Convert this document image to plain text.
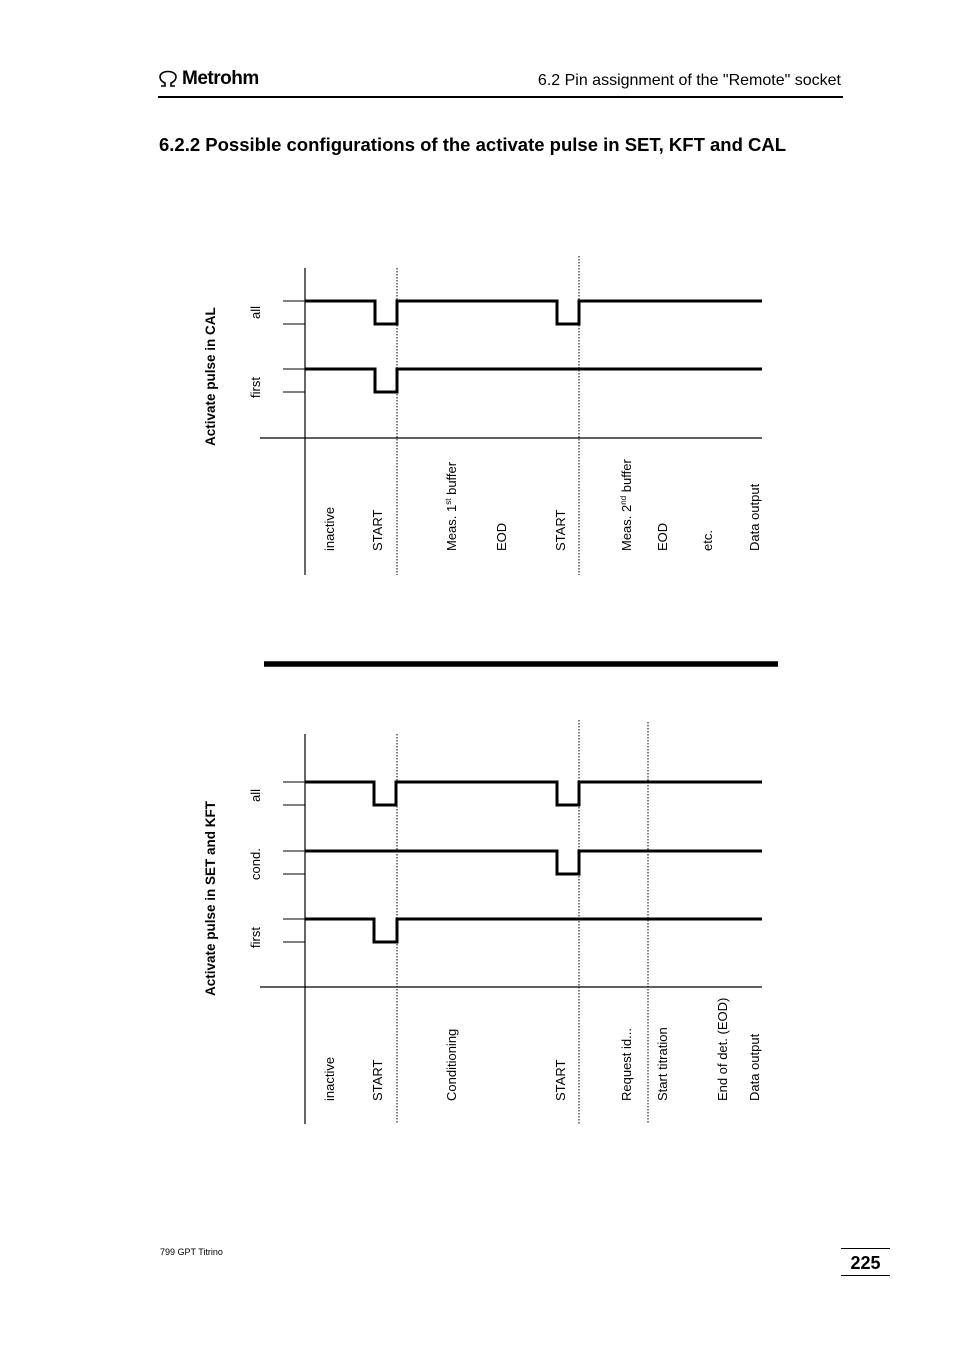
Metrohm	6.2 Pin assignment of the "Remote" socket
6.2.2 Possible configurations of the activate pulse in SET, KFT and CAL
Activate pulse in CAL all
first
inactive	START	Meas. 1st buffer
EOD	START	Meas. 2nd buffer
EOD etc. Data output
Activate pulse in SET and KFT
all
cond.
first
inactive	START	Conditioning	START	Request id... Start titration	End of det. (EOD) Data output
799 GPT Titrino
225
